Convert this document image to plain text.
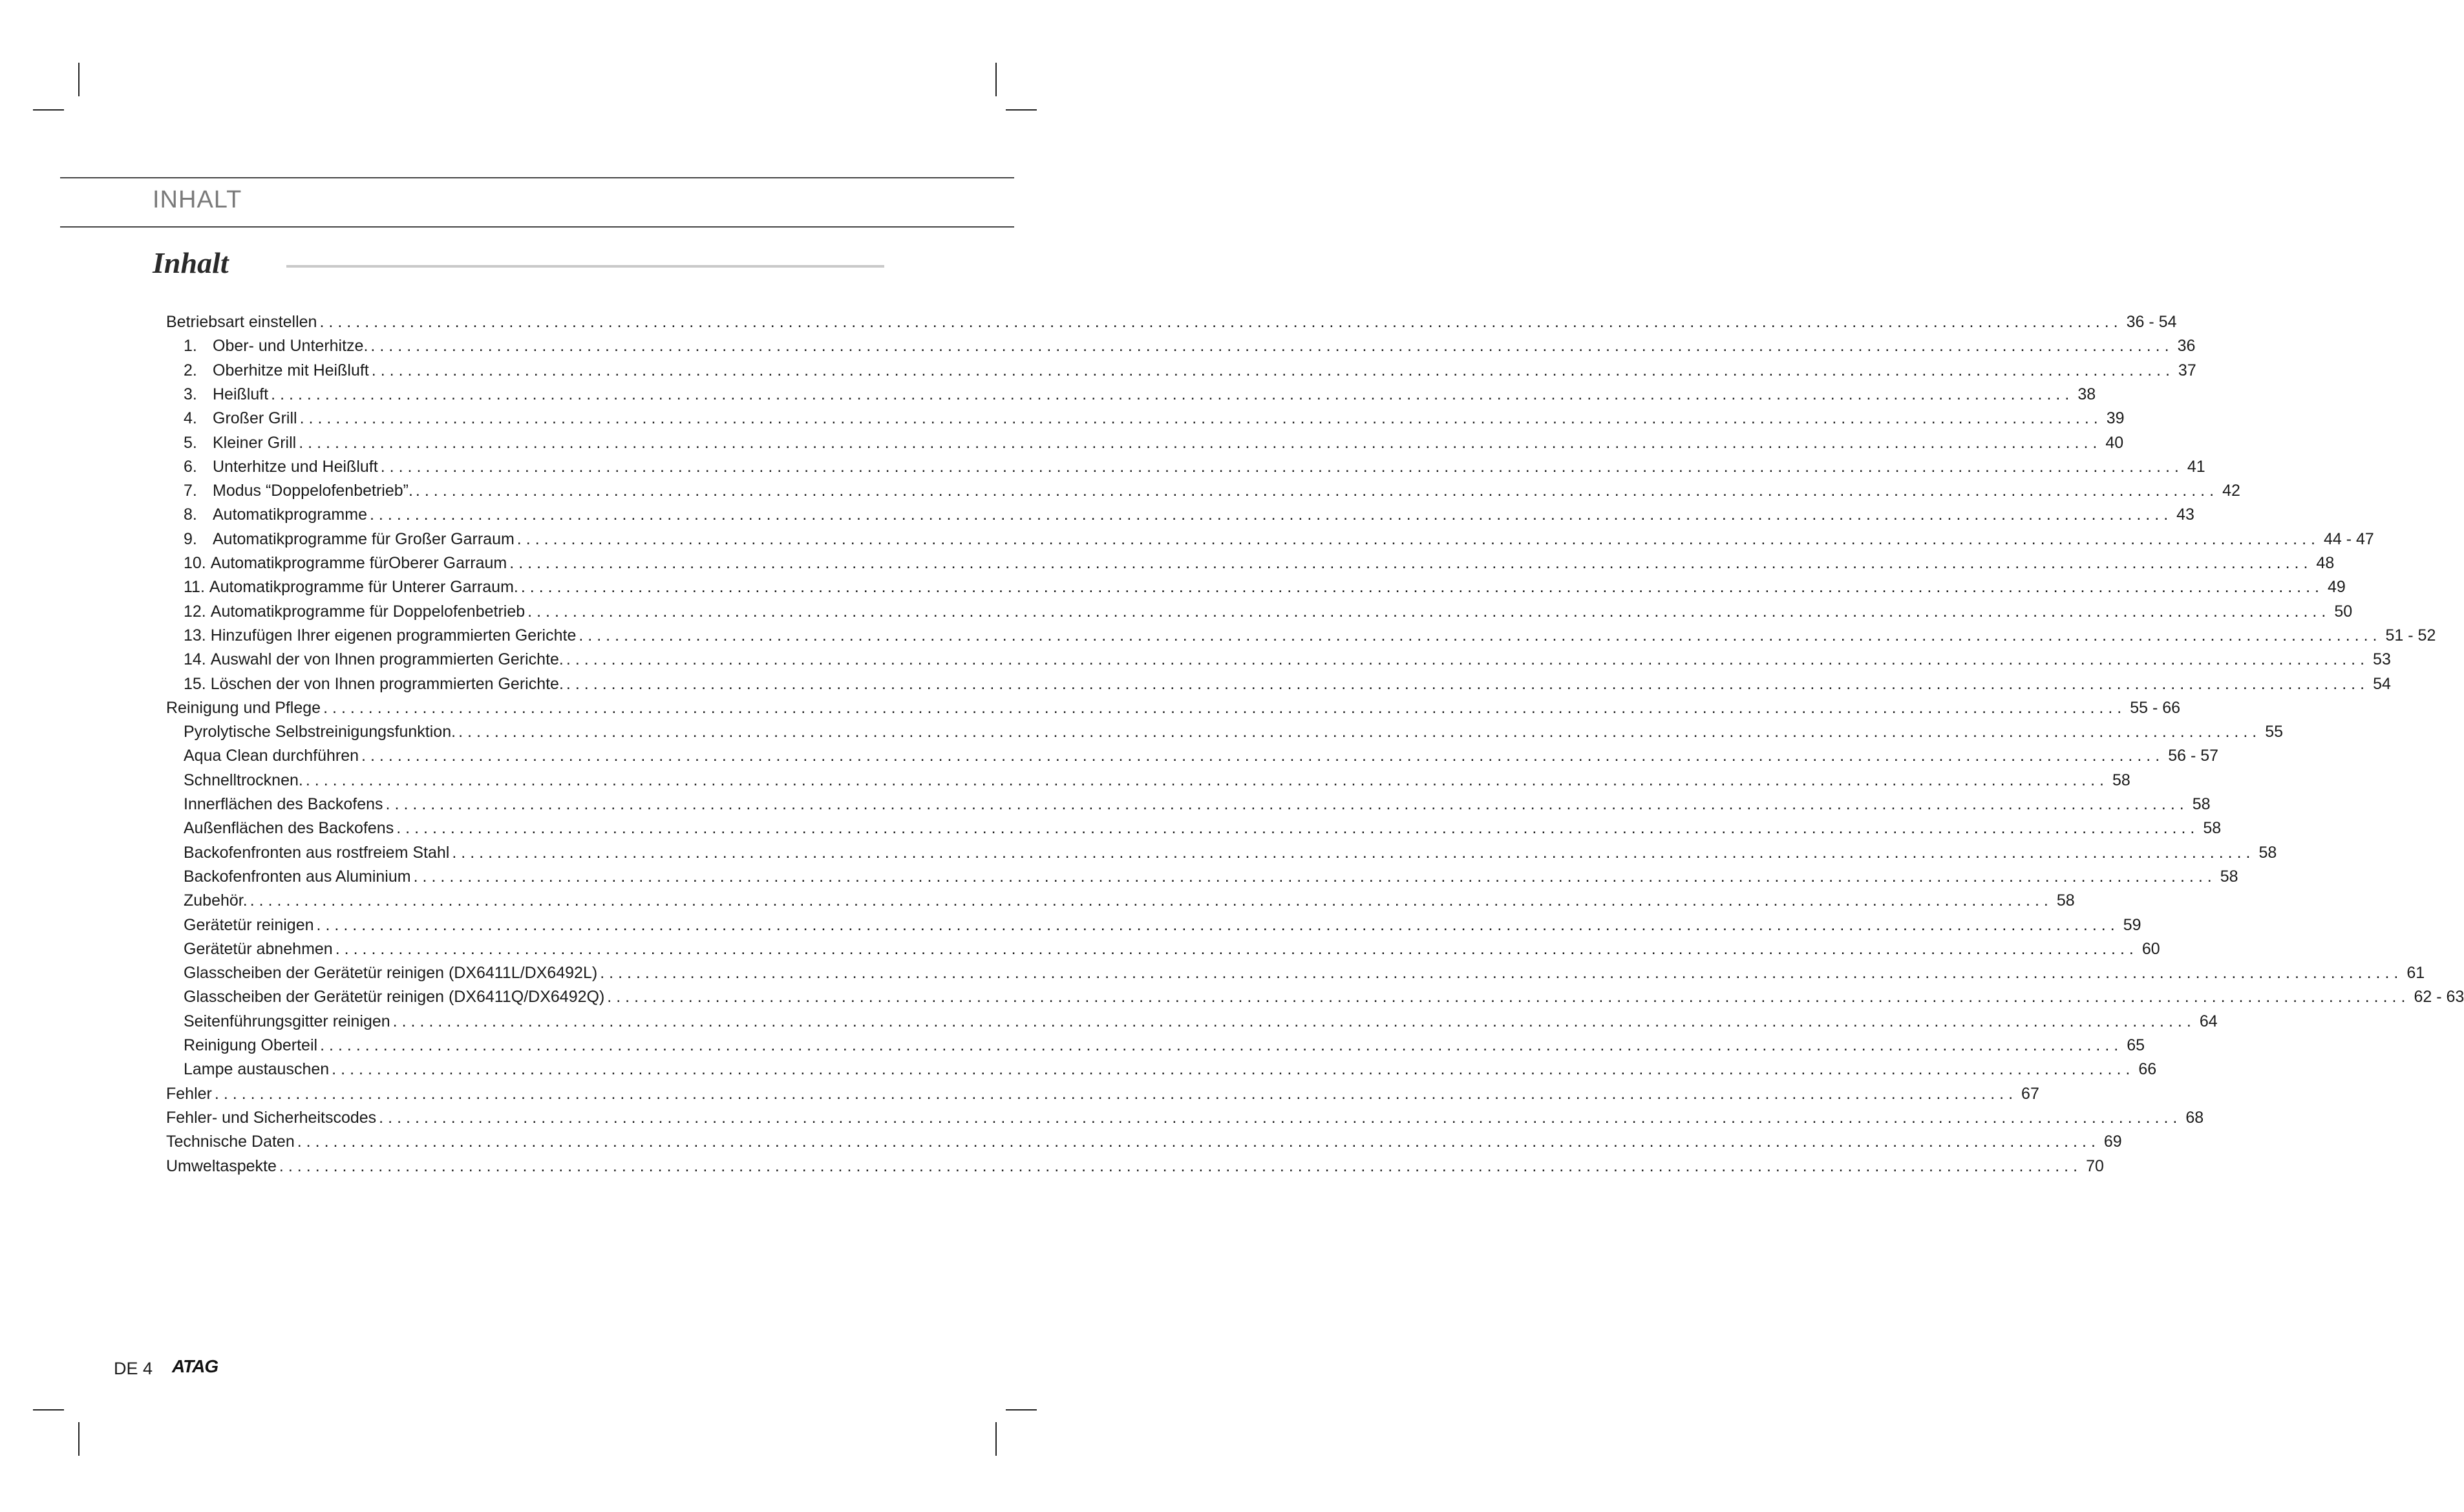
INHALT
Inhalt
Betriebsart einstellen ........................................................................................................................................................................................................ 36 - 54
1. Ober- und Unterhitze. ........................................................................................................................................................................................................ 36
2. Oberhitze mit Heißluft ........................................................................................................................................................................................................ 37
3. Heißluft ........................................................................................................................................................................................................ 38
4. Großer Grill ........................................................................................................................................................................................................ 39
5. Kleiner Grill ........................................................................................................................................................................................................ 40
6. Unterhitze und Heißluft ........................................................................................................................................................................................................ 41
7. Modus “Doppelofenbetrieb”. ........................................................................................................................................................................................................ 42
8. Automatikprogramme ........................................................................................................................................................................................................ 43
9. Automatikprogramme für Großer Garraum ........................................................................................................................................................................................................ 44 - 47
10. Automatikprogramme fürOberer Garraum ........................................................................................................................................................................................................ 48
11. Automatikprogramme für Unterer Garraum. ........................................................................................................................................................................................................ 49
12. Automatikprogramme für Doppelofenbetrieb ........................................................................................................................................................................................................ 50
13. Hinzufügen Ihrer eigenen programmierten Gerichte ........................................................................................................................................................................................................ 51 - 52
14. Auswahl der von Ihnen programmierten Gerichte. ........................................................................................................................................................................................................ 53
15. Löschen der von Ihnen programmierten Gerichte. ........................................................................................................................................................................................................ 54
Reinigung und Pflege ........................................................................................................................................................................................................ 55 - 66
Pyrolytische Selbstreinigungsfunktion. ........................................................................................................................................................................................................ 55
Aqua Clean durchführen ........................................................................................................................................................................................................ 56 - 57
Schnelltrocknen. ........................................................................................................................................................................................................ 58
Innerflächen des Backofens ........................................................................................................................................................................................................ 58
Außenflächen des Backofens ........................................................................................................................................................................................................ 58
Backofenfronten aus rostfreiem Stahl ........................................................................................................................................................................................................ 58
Backofenfronten aus Aluminium ........................................................................................................................................................................................................ 58
Zubehör. ........................................................................................................................................................................................................ 58
Gerätetür reinigen ........................................................................................................................................................................................................ 59
Gerätetür abnehmen ........................................................................................................................................................................................................ 60
Glasscheiben der Gerätetür reinigen (DX6411L/DX6492L) ........................................................................................................................................................................................................ 61
Glasscheiben der Gerätetür reinigen (DX6411Q/DX6492Q) ........................................................................................................................................................................................................ 62 - 63
Seitenführungsgitter reinigen ........................................................................................................................................................................................................ 64
Reinigung Oberteil ........................................................................................................................................................................................................ 65
Lampe austauschen ........................................................................................................................................................................................................ 66
Fehler ........................................................................................................................................................................................................ 67
Fehler- und Sicherheitscodes ........................................................................................................................................................................................................ 68
Technische Daten ........................................................................................................................................................................................................ 69
Umweltaspekte ........................................................................................................................................................................................................ 70
DE 4 ATAG
